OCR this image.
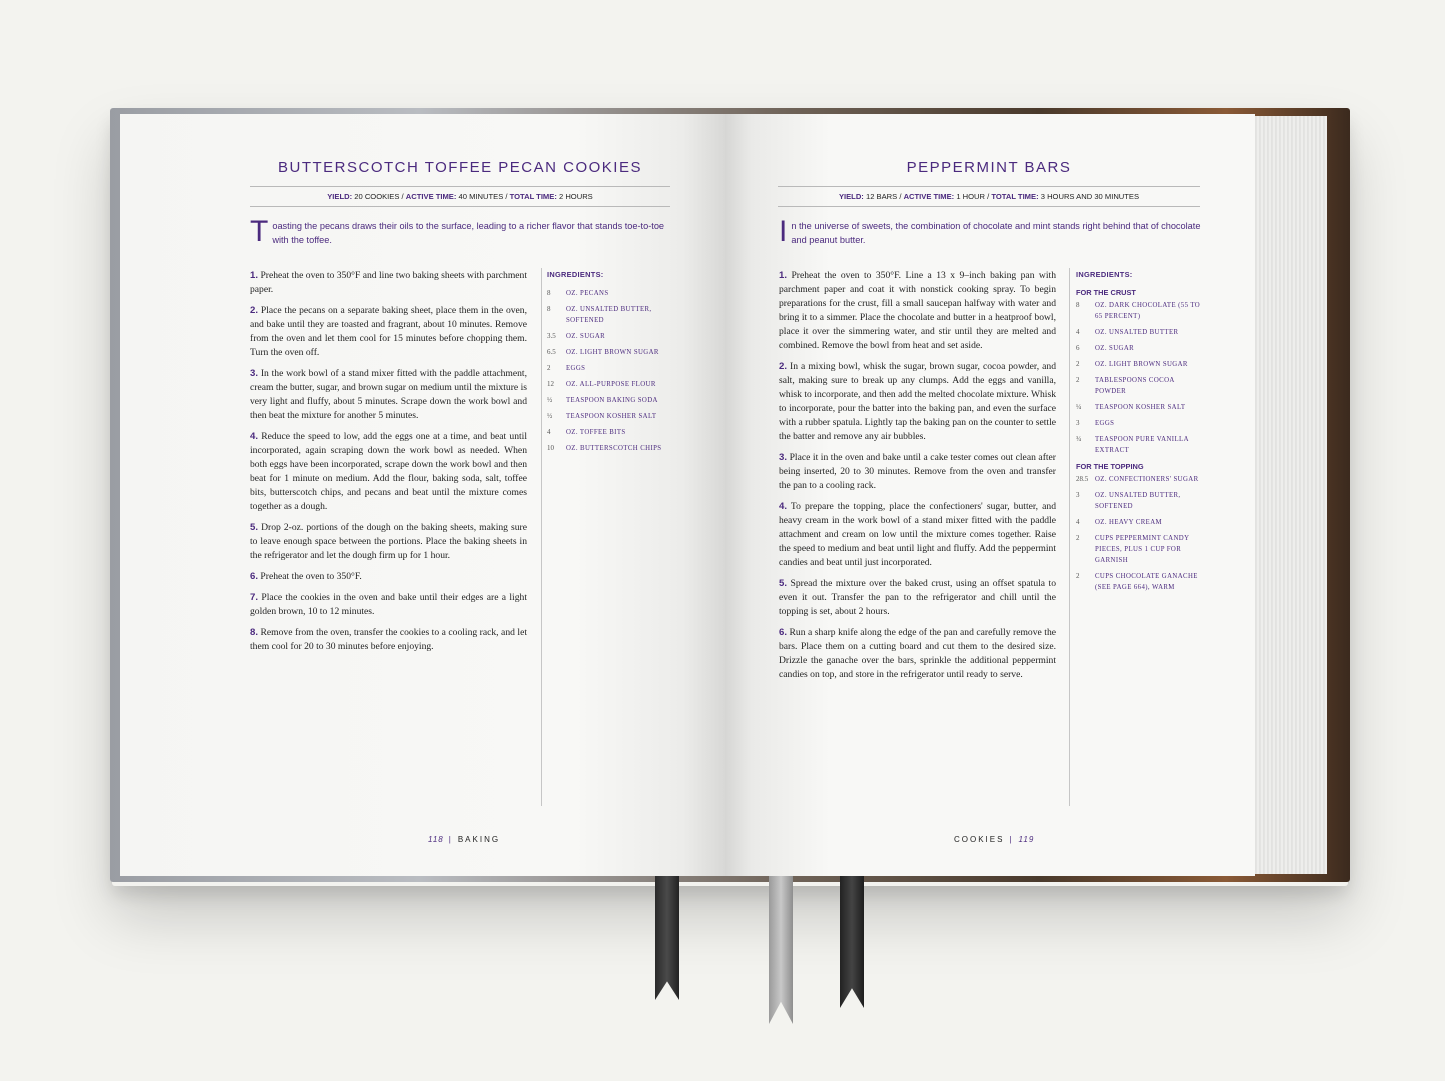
BUTTERSCOTCH TOFFEE PECAN COOKIES
YIELD: 20 COOKIES / ACTIVE TIME: 40 MINUTES / TOTAL TIME: 2 HOURS
T oasting the pecans draws their oils to the surface, leading to a richer flavor that stands toe-to-toe with the toffee.

1. Preheat the oven to 350°F and line two baking sheets with parchment paper.

2. Place the pecans on a separate baking sheet, place them in the oven, and bake until they are toasted and fragrant, about 10 minutes. Remove from the oven and let them cool for 15 minutes before chopping them. Turn the oven off.

3. In the work bowl of a stand mixer fitted with the paddle attachment, cream the butter, sugar, and brown sugar on medium until the mixture is very light and fluffy, about 5 minutes. Scrape down the work bowl and then beat the mixture for another 5 minutes.

4. Reduce the speed to low, add the eggs one at a time, and beat until incorporated, again scraping down the work bowl as needed. When both eggs have been incorporated, scrape down the work bowl and then beat for 1 minute on medium. Add the flour, baking soda, salt, toffee bits, butterscotch chips, and pecans and beat until the mixture comes together as a dough.

5. Drop 2-oz. portions of the dough on the baking sheets, making sure to leave enough space between the portions. Place the baking sheets in the refrigerator and let the dough firm up for 1 hour.

6. Preheat the oven to 350°F.

7. Place the cookies in the oven and bake until their edges are a light golden brown, 10 to 12 minutes.

8. Remove from the oven, transfer the cookies to a cooling rack, and let them cool for 20 to 30 minutes before enjoying.

INGREDIENTS:
8	OZ. PECANS
8	OZ. UNSALTED BUTTER, SOFTENED
3.5	OZ. SUGAR
6.5	OZ. LIGHT BROWN SUGAR
2	EGGS
12	OZ. ALL-PURPOSE FLOUR
½	TEASPOON BAKING SODA
½	TEASPOON KOSHER SALT
4	OZ. TOFFEE BITS
10	OZ. BUTTERSCOTCH CHIPS
118 | BAKING
PEPPERMINT BARS
YIELD: 12 BARS / ACTIVE TIME: 1 HOUR / TOTAL TIME: 3 HOURS AND 30 MINUTES
I n the universe of sweets, the combination of chocolate and mint stands right behind that of chocolate and peanut butter.

1. Preheat the oven to 350°F. Line a 13 x 9–inch baking pan with parchment paper and coat it with nonstick cooking spray. To begin preparations for the crust, fill a small saucepan halfway with water and bring it to a simmer. Place the chocolate and butter in a heatproof bowl, place it over the simmering water, and stir until they are melted and combined. Remove the bowl from heat and set aside.

2. In a mixing bowl, whisk the sugar, brown sugar, cocoa powder, and salt, making sure to break up any clumps. Add the eggs and vanilla, whisk to incorporate, and then add the melted chocolate mixture. Whisk to incorporate, pour the batter into the baking pan, and even the surface with a rubber spatula. Lightly tap the baking pan on the counter to settle the batter and remove any air bubbles.

3. Place it in the oven and bake until a cake tester comes out clean after being inserted, 20 to 30 minutes. Remove from the oven and transfer the pan to a cooling rack.

4. To prepare the topping, place the confectioners' sugar, butter, and heavy cream in the work bowl of a stand mixer fitted with the paddle attachment and cream on low until the mixture comes together. Raise the speed to medium and beat until light and fluffy. Add the peppermint candies and beat until just incorporated.

5. Spread the mixture over the baked crust, using an offset spatula to even it out. Transfer the pan to the refrigerator and chill until the topping is set, about 2 hours.

6. Run a sharp knife along the edge of the pan and carefully remove the bars. Place them on a cutting board and cut them to the desired size. Drizzle the ganache over the bars, sprinkle the additional peppermint candies on top, and store in the refrigerator until ready to serve.

INGREDIENTS:
FOR THE CRUST
8	OZ. DARK CHOCOLATE (55 TO 65 PERCENT)
4	OZ. UNSALTED BUTTER
6	OZ. SUGAR
2	OZ. LIGHT BROWN SUGAR
2	TABLESPOONS COCOA POWDER
¼	TEASPOON KOSHER SALT
3	EGGS
¾	TEASPOON PURE VANILLA EXTRACT
FOR THE TOPPING
28.5 OZ. CONFECTIONERS' SUGAR
3	OZ. UNSALTED BUTTER, SOFTENED
4	OZ. HEAVY CREAM
2	CUPS PEPPERMINT CANDY PIECES, PLUS 1 CUP FOR GARNISH
2	CUPS CHOCOLATE GANACHE (SEE PAGE 664), WARM
COOKIES | 119
